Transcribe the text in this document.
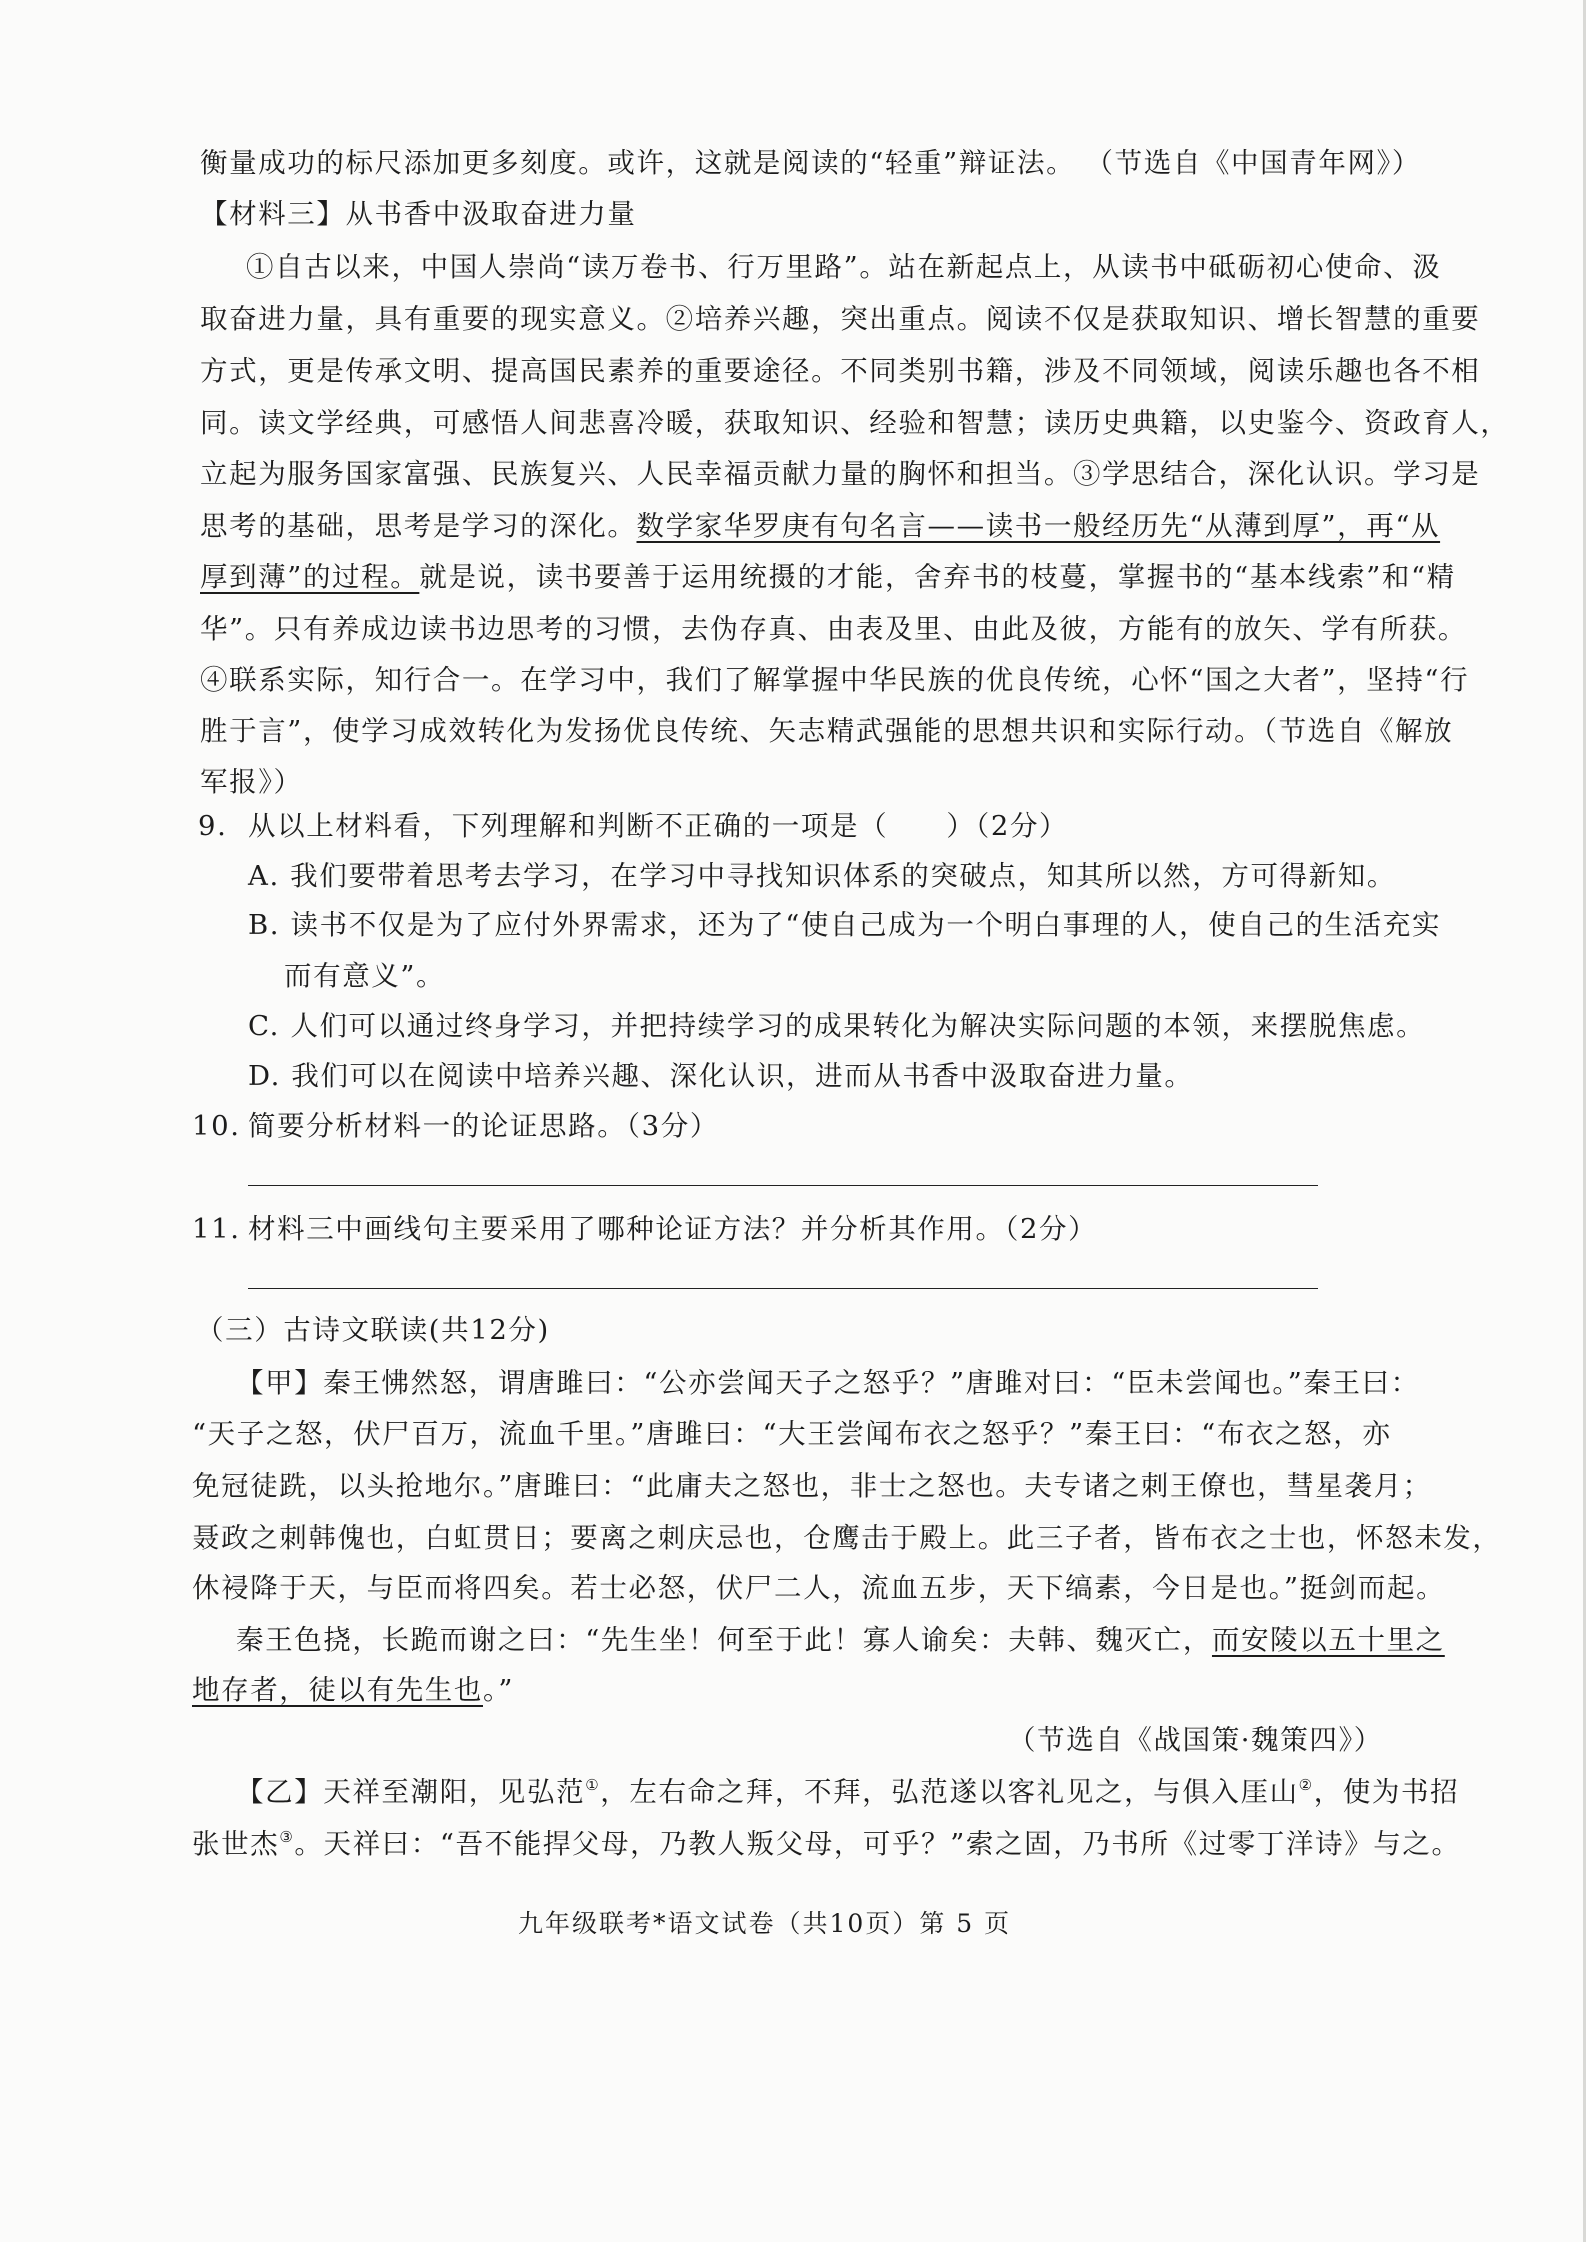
衡量成功的标尺添加更多刻度。或许，这就是阅读的“轻重”辩证法。 （节选自《中国青年网》）
【材料三】从书香中汲取奋进力量
①自古以来，中国人崇尚“读万卷书、行万里路”。站在新起点上，从读书中砥砺初心使命、汲
取奋进力量，具有重要的现实意义。②培养兴趣，突出重点。阅读不仅是获取知识、增长智慧的重要
方式，更是传承文明、提高国民素养的重要途径。不同类别书籍，涉及不同领域，阅读乐趣也各不相
同。读文学经典，可感悟人间悲喜冷暖，获取知识、经验和智慧；读历史典籍，以史鉴今、资政育人，
立起为服务国家富强、民族复兴、人民幸福贡献力量的胸怀和担当。③学思结合，深化认识。学习是
思考的基础，思考是学习的深化。数学家华罗庚有句名言——读书一般经历先“从薄到厚”，再“从
厚到薄”的过程。就是说，读书要善于运用统摄的才能，舍弃书的枝蔓，掌握书的“基本线索”和“精
华”。只有养成边读书边思考的习惯，去伪存真、由表及里、由此及彼，方能有的放矢、学有所获。
④联系实际，知行合一。在学习中，我们了解掌握中华民族的优良传统，心怀“国之大者”，坚持“行
胜于言”，使学习成效转化为发扬优良传统、矢志精武强能的思想共识和实际行动。（节选自《解放
军报》）
9. 从以上材料看，下列理解和判断不正确的一项是（　　）（2分）
A. 我们要带着思考去学习，在学习中寻找知识体系的突破点，知其所以然，方可得新知。
B. 读书不仅是为了应付外界需求，还为了“使自己成为一个明白事理的人，使自己的生活充实
而有意义”。
C. 人们可以通过终身学习，并把持续学习的成果转化为解决实际问题的本领，来摆脱焦虑。
D. 我们可以在阅读中培养兴趣、深化认识，进而从书香中汲取奋进力量。
10. 简要分析材料一的论证思路。（3分）
11. 材料三中画线句主要采用了哪种论证方法？并分析其作用。（2分）
（三）古诗文联读(共12分)
【甲】秦王怫然怒，谓唐雎曰：“公亦尝闻天子之怒乎？”唐雎对曰：“臣未尝闻也。”秦王曰：
“天子之怒，伏尸百万，流血千里。”唐雎曰：“大王尝闻布衣之怒乎？”秦王曰：“布衣之怒，亦
免冠徒跣，以头抢地尔。”唐雎曰：“此庸夫之怒也，非士之怒也。夫专诸之刺王僚也，彗星袭月；
聂政之刺韩傀也，白虹贯日；要离之刺庆忌也，仓鹰击于殿上。此三子者，皆布衣之士也，怀怒未发，
休祲降于天，与臣而将四矣。若士必怒，伏尸二人，流血五步，天下缟素，今日是也。”挺剑而起。
秦王色挠，长跪而谢之曰：“先生坐！何至于此！寡人谕矣：夫韩、魏灭亡，而安陵以五十里之
地存者，徒以有先生也。”
（节选自《战国策·魏策四》）
【乙】天祥至潮阳，见弘范①，左右命之拜，不拜，弘范遂以客礼见之，与俱入厓山②，使为书招
张世杰③。天祥曰：“吾不能捍父母，乃教人叛父母，可乎？”索之固，乃书所《过零丁洋诗》与之。
九年级联考*语文试卷（共10页）第 5 页
